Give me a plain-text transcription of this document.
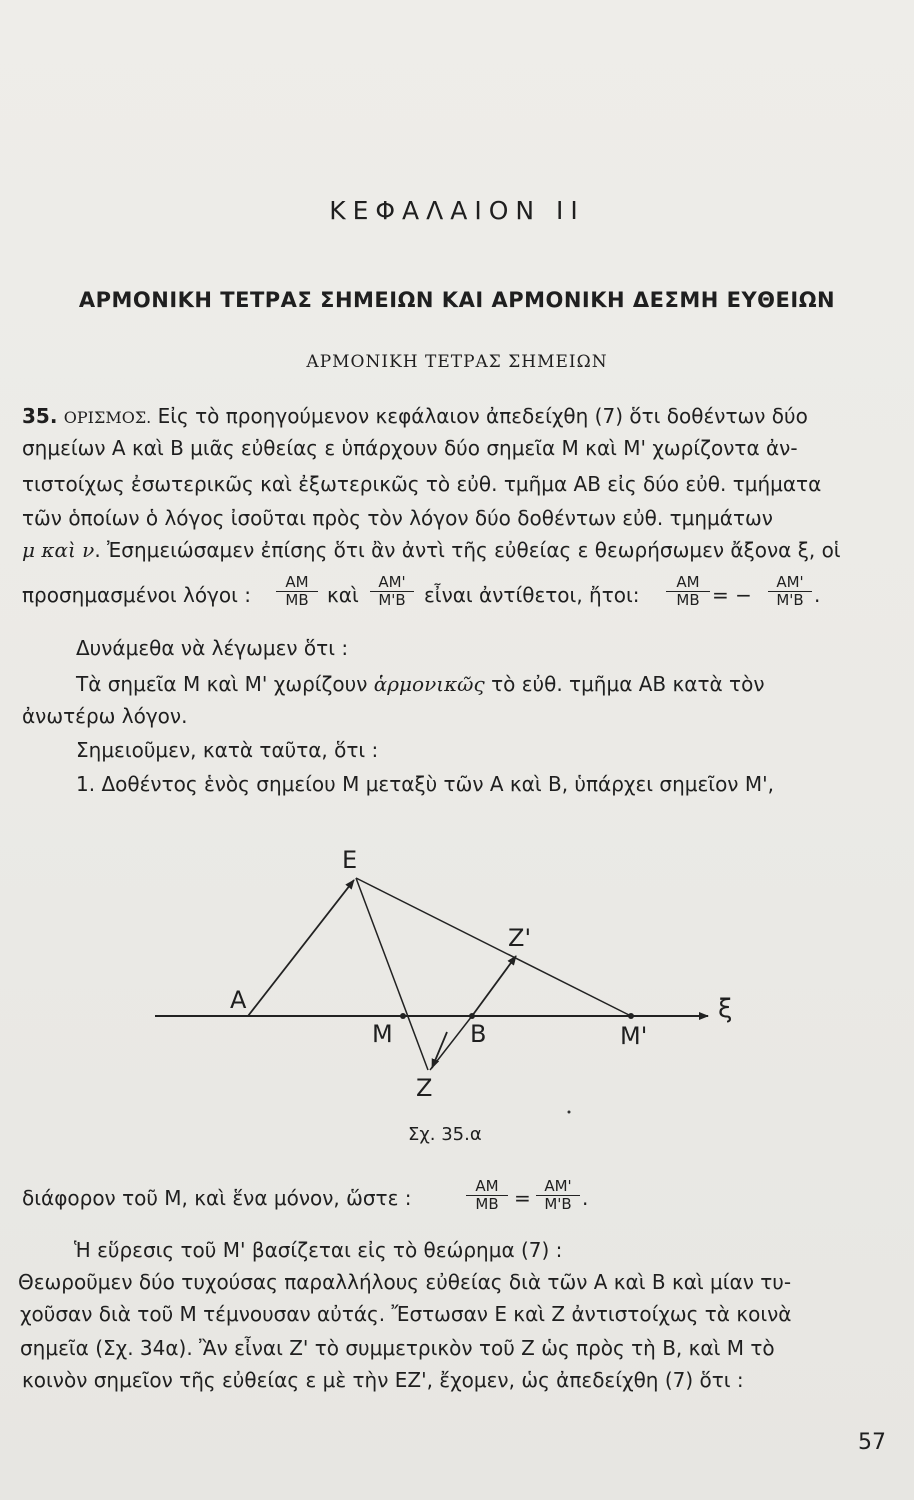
ΚΕΦΑΛΑΙΟΝ II
ΑΡΜΟΝΙΚΗ ΤΕΤΡΑΣ ΣΗΜΕΙΩΝ ΚΑΙ ΑΡΜΟΝΙΚΗ ΔΕΣΜΗ ΕΥΘΕΙΩΝ
ΑΡΜΟΝΙΚΗ ΤΕΤΡΑΣ ΣΗΜΕΙΩΝ
35. ΟΡΙΣΜΟΣ. Εἰς τὸ προηγούμενον κεφάλαιον ἀπεδείχθη (7) ὅτι δοθέντων δύο
σημείων Α καὶ Β μιᾶς εὐθείας ε ὑπάρχουν δύο σημεῖα Μ καὶ Μ' χωρίζοντα ἀν-
τιστοίχως ἐσωτερικῶς καὶ ἐξωτερικῶς τὸ εὐθ. τμῆμα ΑΒ εἰς δύο εὐθ. τμήματα
τῶν ὁποίων ὁ λόγος ἰσοῦται πρὸς τὸν λόγον δύο δοθέντων εὐθ. τμημάτων
μ καὶ ν. Ἐσημειώσαμεν ἐπίσης ὅτι ἂν ἀντὶ τῆς εὐθείας ε θεωρήσωμεν ἄξονα ξ, οἱ
προσημασμένοι λόγοι : $\frac{AM}{MB}$ καὶ $\frac{AM'}{M'B}$ εἶναι ἀντίθετοι, ἤτοι: $\frac{AM}{MB}$ = − $\frac{AM'}{M'B}$ .
Δυνάμεθα νὰ λέγωμεν ὅτι :
Τὰ σημεῖα Μ καὶ Μ' χωρίζουν ἁρμονικῶς τὸ εὐθ. τμῆμα ΑΒ κατὰ τὸν
ἀνωτέρω λόγον.
Σημειοῦμεν, κατὰ ταῦτα, ὅτι :
1. Δοθέντος ἑνὸς σημείου Μ μεταξὺ τῶν Α καὶ Β, ὑπάρχει σημεῖον Μ',
Ε
Z'
Α
Μ	Β	Μ'
Ζ
ξ
Σχ. 35.α
διάφορον τοῦ Μ, καὶ ἕνα μόνον, ὥστε :	$\frac{AM}{MB} = \frac{AM'}{M'B}$ .
Ἡ εὕρεσις τοῦ Μ' βασίζεται εἰς τὸ θεώρημα (7) :
Θεωροῦμεν δύο τυχούσας παραλλήλους εὐθείας διὰ τῶν Α καὶ Β καὶ μίαν τυ-
χοῦσαν διὰ τοῦ Μ τέμνουσαν αὐτάς. Ἔστωσαν Ε καὶ Ζ ἀντιστοίχως τὰ κοινὰ
σημεῖα (Σχ. 34α). Ἂν εἶναι Ζ' τὸ συμμετρικὸν τοῦ Ζ ὡς πρὸς τὴ Β, καὶ Μ τὸ
κοινὸν σημεῖον τῆς εὐθείας ε μὲ τὴν ΕΖ', ἔχομεν, ὡς ἀπεδείχθη (7) ὅτι :
57
